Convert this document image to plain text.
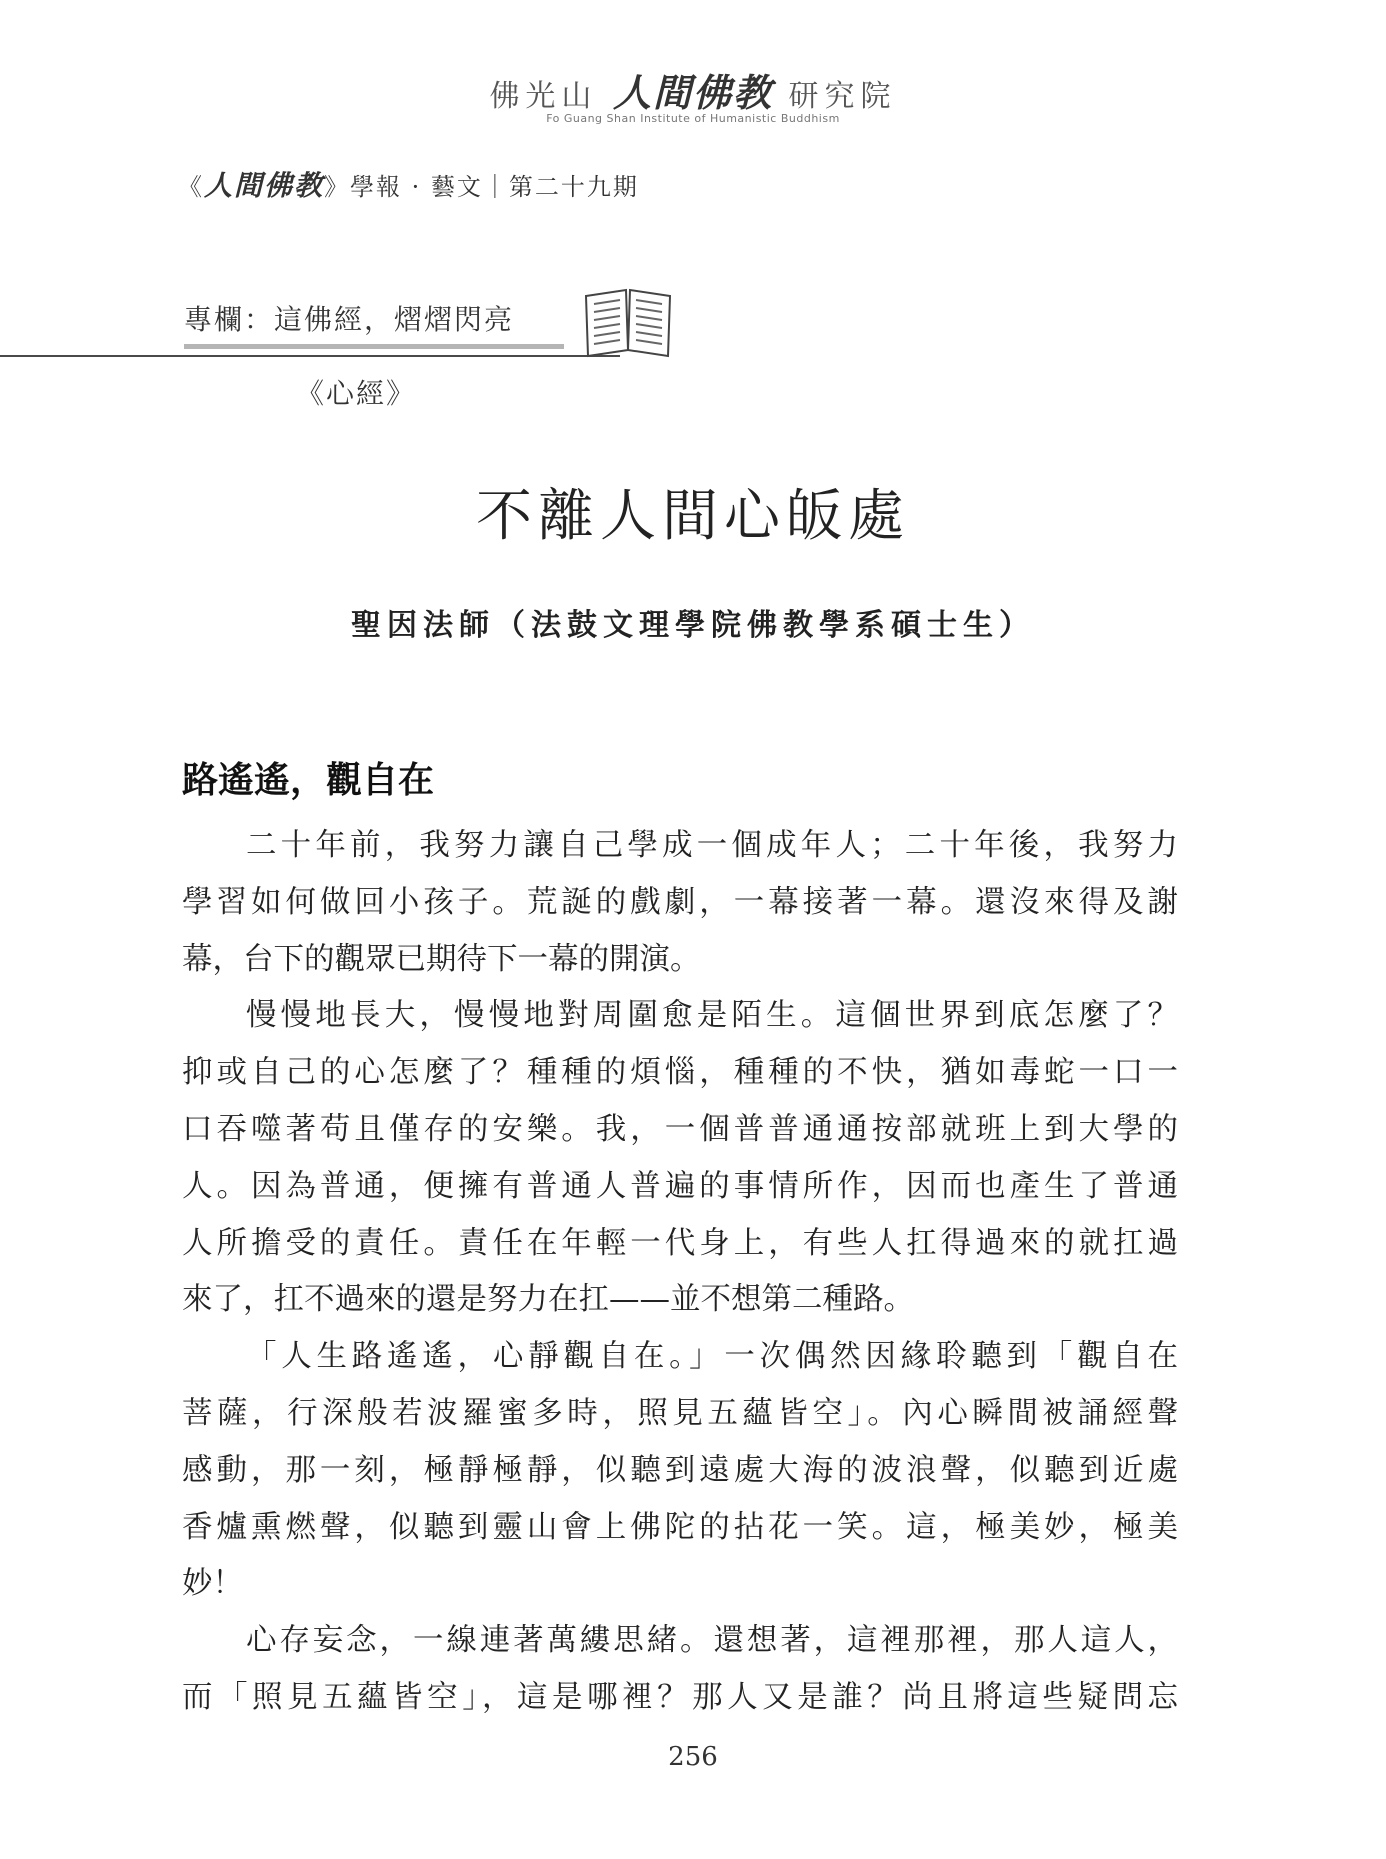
佛光山 人間佛教 研究院
Fo Guang Shan Institute of Humanistic Buddhism
《人間佛教》學報 · 藝文｜第二十九期
專欄：這佛經，熠熠閃亮
《心經》
不離人間心皈處
聖因法師（法鼓文理學院佛教學系碩士生）
路遙遙，觀自在
二十年前，我努力讓自己學成一個成年人；二十年後，我努力
學習如何做回小孩子。荒誕的戲劇，一幕接著一幕。還沒來得及謝
幕，台下的觀眾已期待下一幕的開演。
慢慢地長大，慢慢地對周圍愈是陌生。這個世界到底怎麼了？
抑或自己的心怎麼了？種種的煩惱，種種的不快，猶如毒蛇一口一
口吞噬著苟且僅存的安樂。我，一個普普通通按部就班上到大學的
人。因為普通，便擁有普通人普遍的事情所作，因而也產生了普通
人所擔受的責任。責任在年輕一代身上，有些人扛得過來的就扛過
來了，扛不過來的還是努力在扛——並不想第二種路。
「人生路遙遙，心靜觀自在。」一次偶然因緣聆聽到「觀自在
菩薩，行深般若波羅蜜多時，照見五蘊皆空」。內心瞬間被誦經聲
感動，那一刻，極靜極靜，似聽到遠處大海的波浪聲，似聽到近處
香爐熏燃聲，似聽到靈山會上佛陀的拈花一笑。這，極美妙，極美
妙！
心存妄念，一線連著萬縷思緒。還想著，這裡那裡，那人這人，
而「照見五蘊皆空」，這是哪裡？那人又是誰？尚且將這些疑問忘
256
